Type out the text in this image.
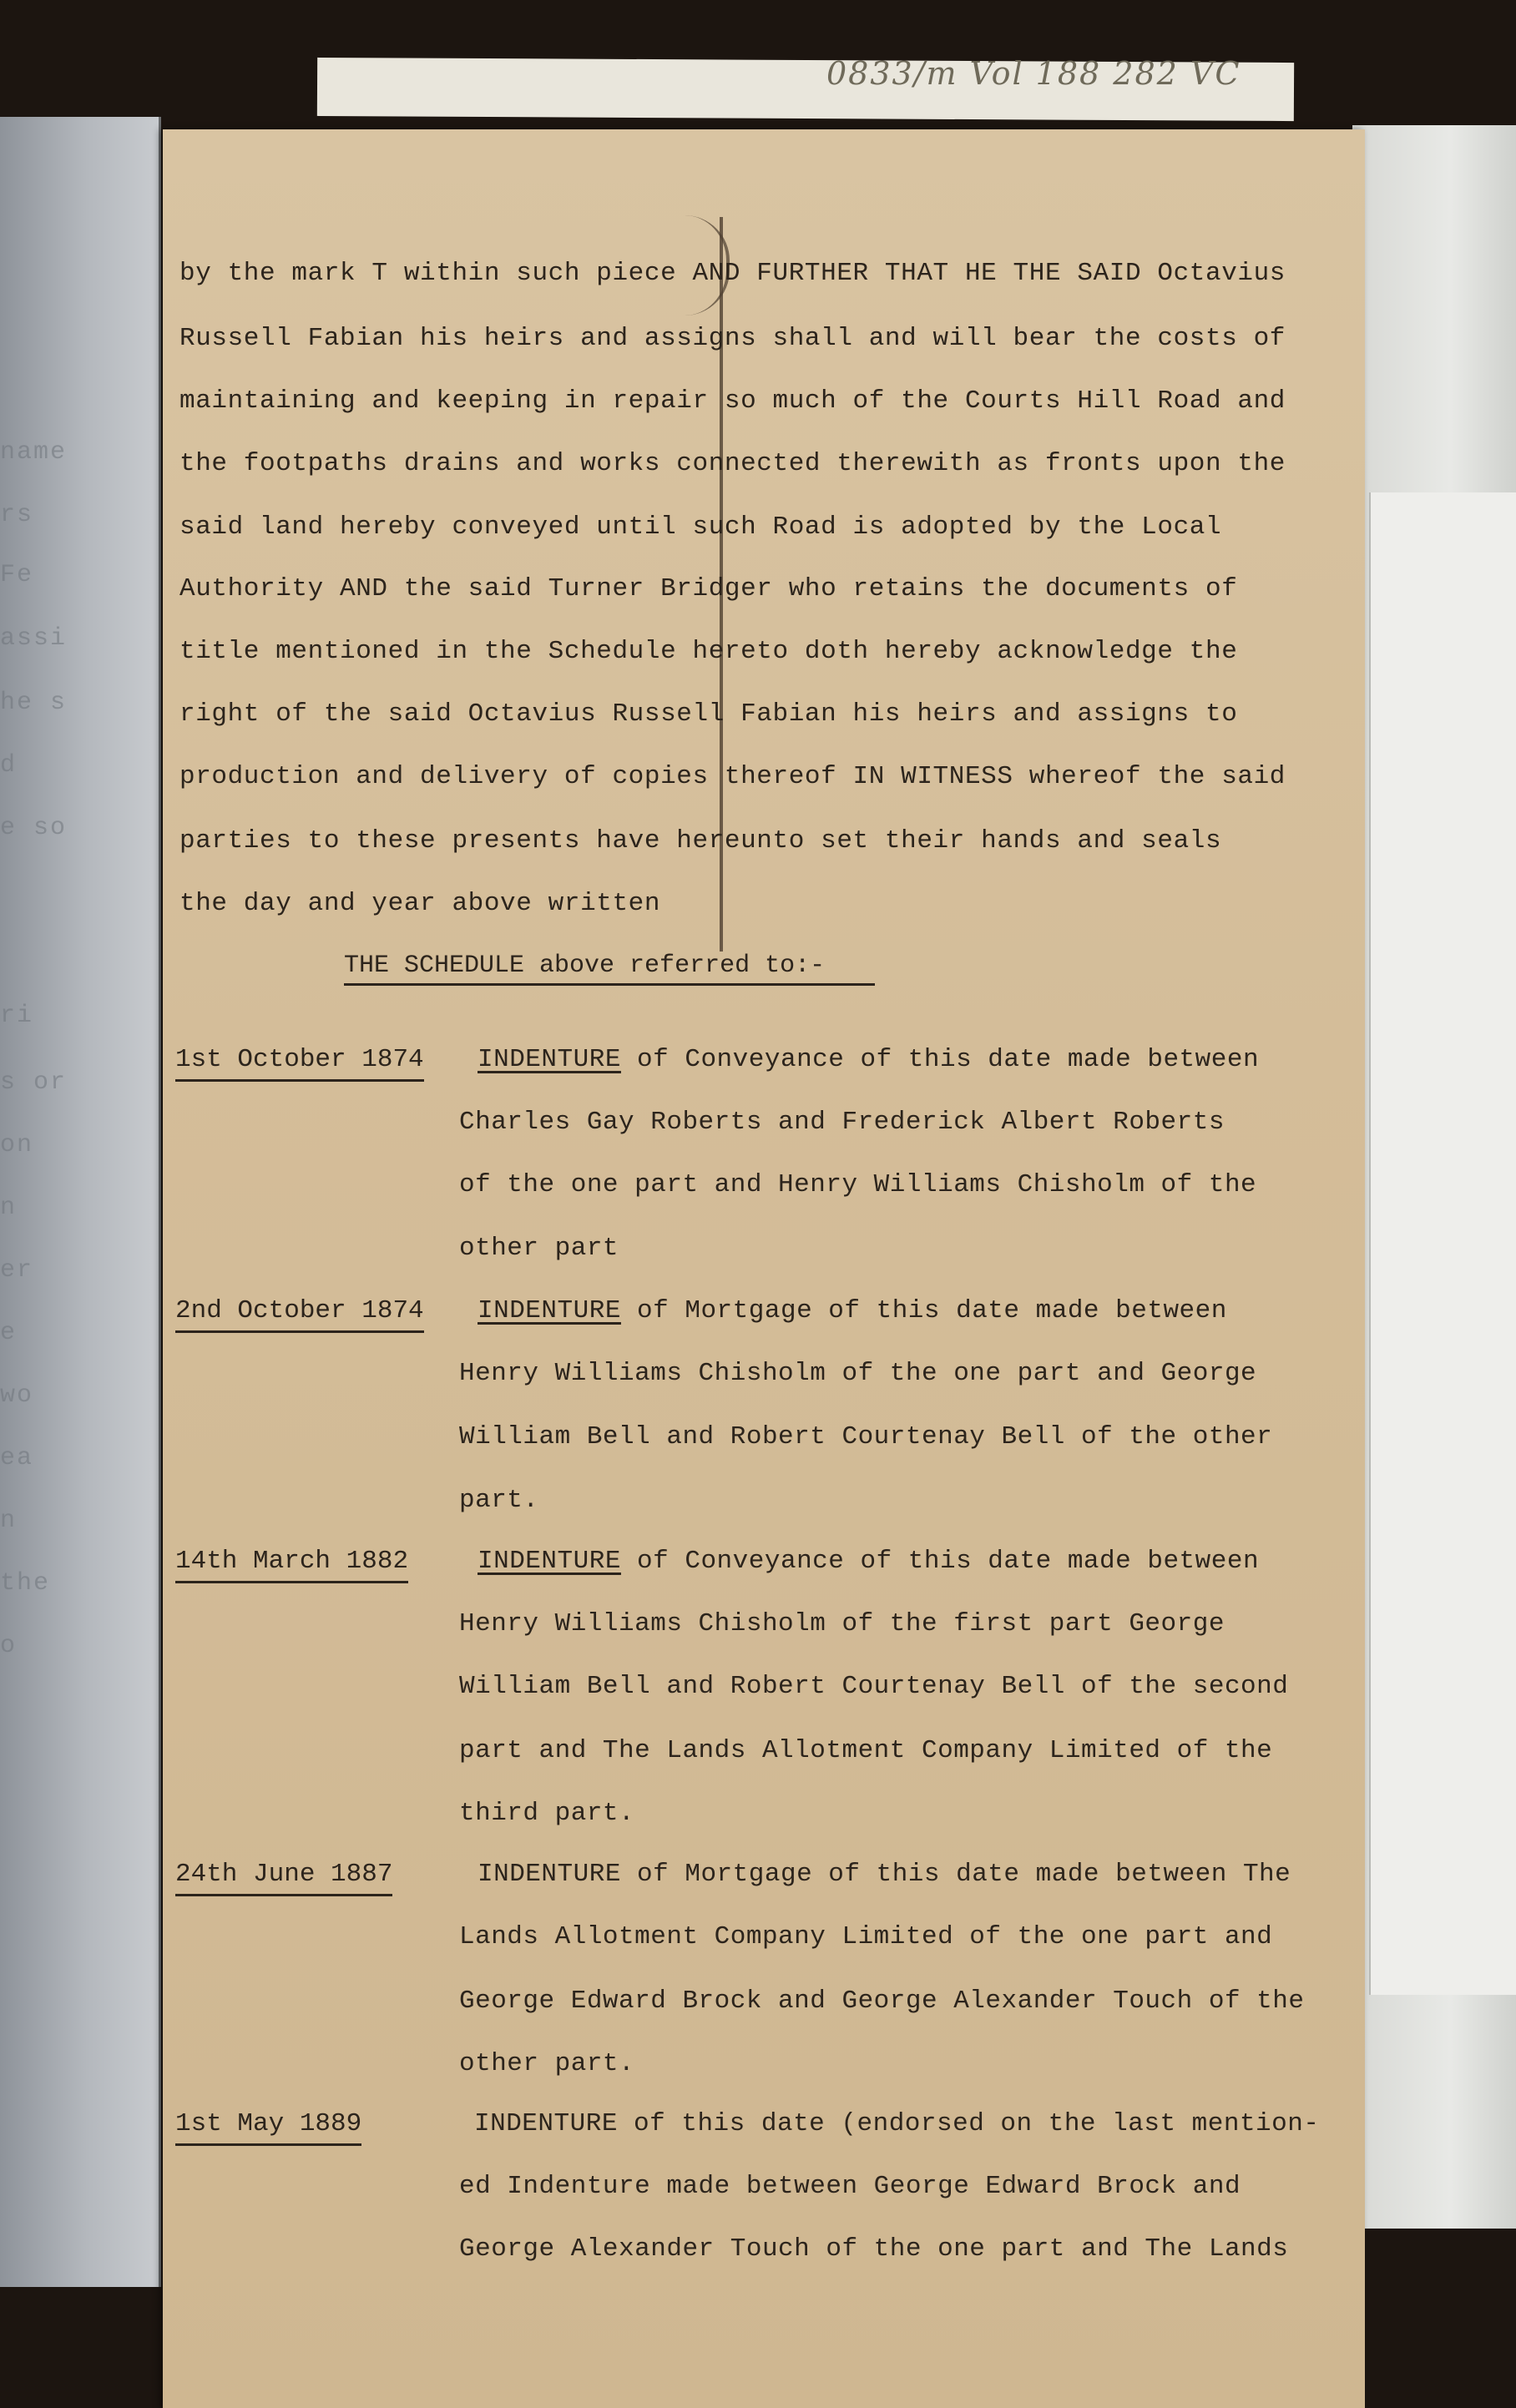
name
rs
Fe
assi
he s
d
e so
ri
s or
on
n
er
e
wo
ea
n
the
o
0833/m Vol 188 282 VC
by the mark T within such piece AND FURTHER THAT HE THE SAID Octavius
Russell Fabian his heirs and assigns shall and will bear the costs of
maintaining and keeping in repair so much of the Courts Hill Road and
the footpaths drains and works connected therewith as fronts upon the
said land hereby conveyed until such Road is adopted by the Local
Authority AND the said Turner Bridger who retains the documents of
title mentioned in the Schedule hereto doth hereby acknowledge the
right of the said Octavius Russell Fabian his heirs and assigns to
production and delivery of copies thereof IN WITNESS whereof the said
parties to these presents have hereunto set their hands and seals
the day and year above written
THE SCHEDULE above referred to:-
1st October 1874 INDENTURE of Conveyance of this date made between
Charles Gay Roberts and Frederick Albert Roberts
of the one part and Henry Williams Chisholm of the
other part
2nd October 1874 INDENTURE of Mortgage of this date made between
Henry Williams Chisholm of the one part and George
William Bell and Robert Courtenay Bell of the other
part.
14th March 1882	INDENTURE of Conveyance of this date made between
Henry Williams Chisholm of the first part George
William Bell and Robert Courtenay Bell of the second
part and The Lands Allotment Company Limited of the
third part.
24th June 1887	INDENTURE of Mortgage of this date made between The
Lands Allotment Company Limited of the one part and
George Edward Brock and George Alexander Touch of the
other part.
1st May 1889	INDENTURE of this date (endorsed on the last mention-
ed Indenture made between George Edward Brock and
George Alexander Touch of the one part and The Lands
